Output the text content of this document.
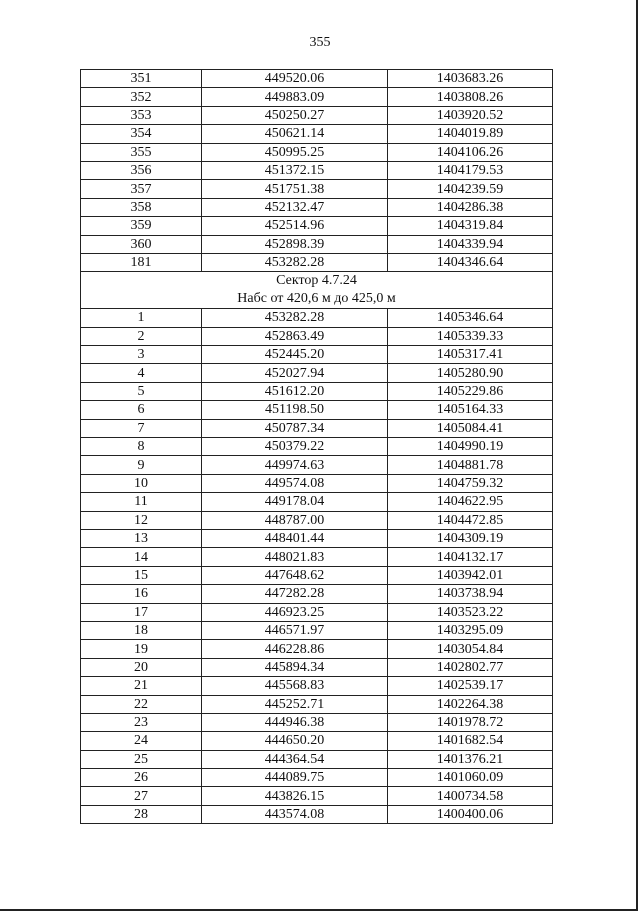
355
351	449520.06	1403683.26
352	449883.09	1403808.26
353	450250.27	1403920.52
354	450621.14	1404019.89
355	450995.25	1404106.26
356	451372.15	1404179.53
357	451751.38	1404239.59
358	452132.47	1404286.38
359	452514.96	1404319.84
360	452898.39	1404339.94
181	453282.28	1404346.64
Сектор 4.7.24		
Набс от 420,6 м до 425,0 м		
1	453282.28	1405346.64
2	452863.49	1405339.33
3	452445.20	1405317.41
4	452027.94	1405280.90
5	451612.20	1405229.86
6	451198.50	1405164.33
7	450787.34	1405084.41
8	450379.22	1404990.19
9	449974.63	1404881.78
10	449574.08	1404759.32
11	449178.04	1404622.95
12	448787.00	1404472.85
13	448401.44	1404309.19
14	448021.83	1404132.17
15	447648.62	1403942.01
16	447282.28	1403738.94
17	446923.25	1403523.22
18	446571.97	1403295.09
19	446228.86	1403054.84
20	445894.34	1402802.77
21	445568.83	1402539.17
22	445252.71	1402264.38
23	444946.38	1401978.72
24	444650.20	1401682.54
25	444364.54	1401376.21
26	444089.75	1401060.09
27	443826.15	1400734.58
28	443574.08	1400400.06
